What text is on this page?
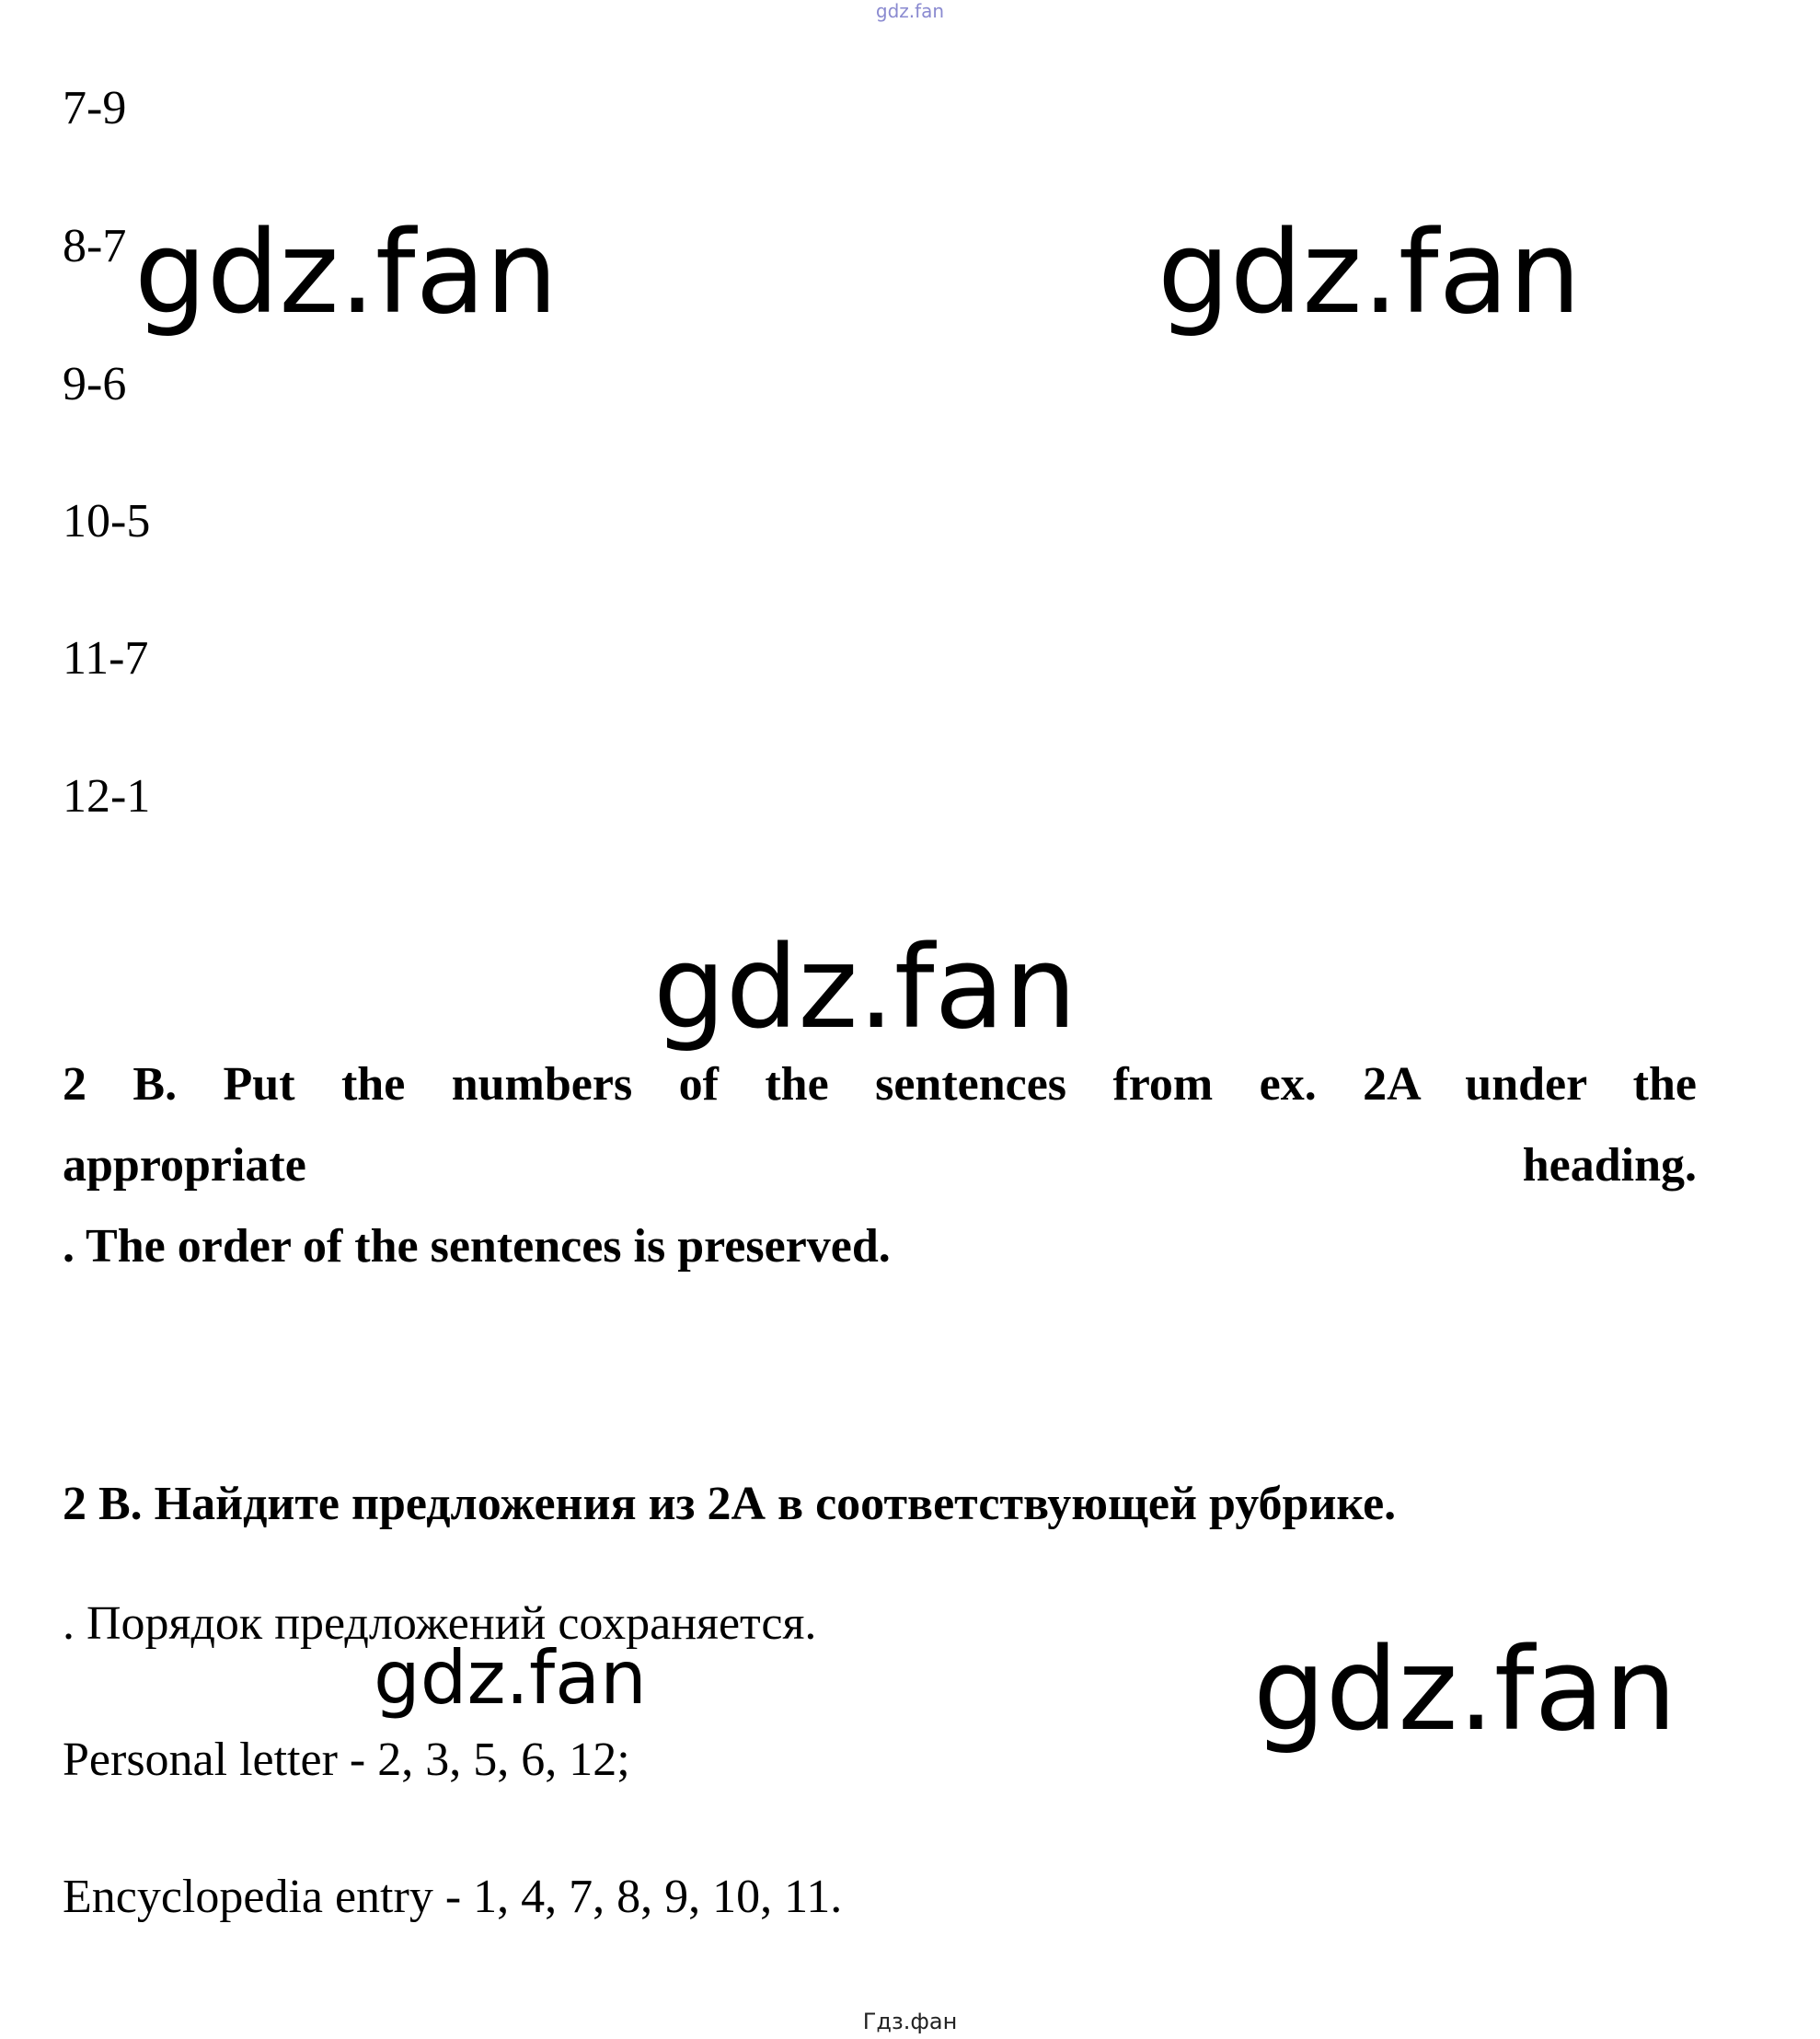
gdz.fan
7-9
8-7
9-6
10-5
11-7
12-1
2 B. Put the numbers of the sentences from ex. 2A under the
appropriate heading.
. The order of the sentences is preserved.
2 В. Найдите предложения из 2А в соответствующей рубрике.
. Порядок предложений сохраняется.
Personal letter - 2, 3, 5, 6, 12;
Encyclopedia entry - 1, 4, 7, 8, 9, 10, 11.
gdz.fan	gdz.fan
gdz.fan
gdz.fan	gdz.fan
Гдз.фан
